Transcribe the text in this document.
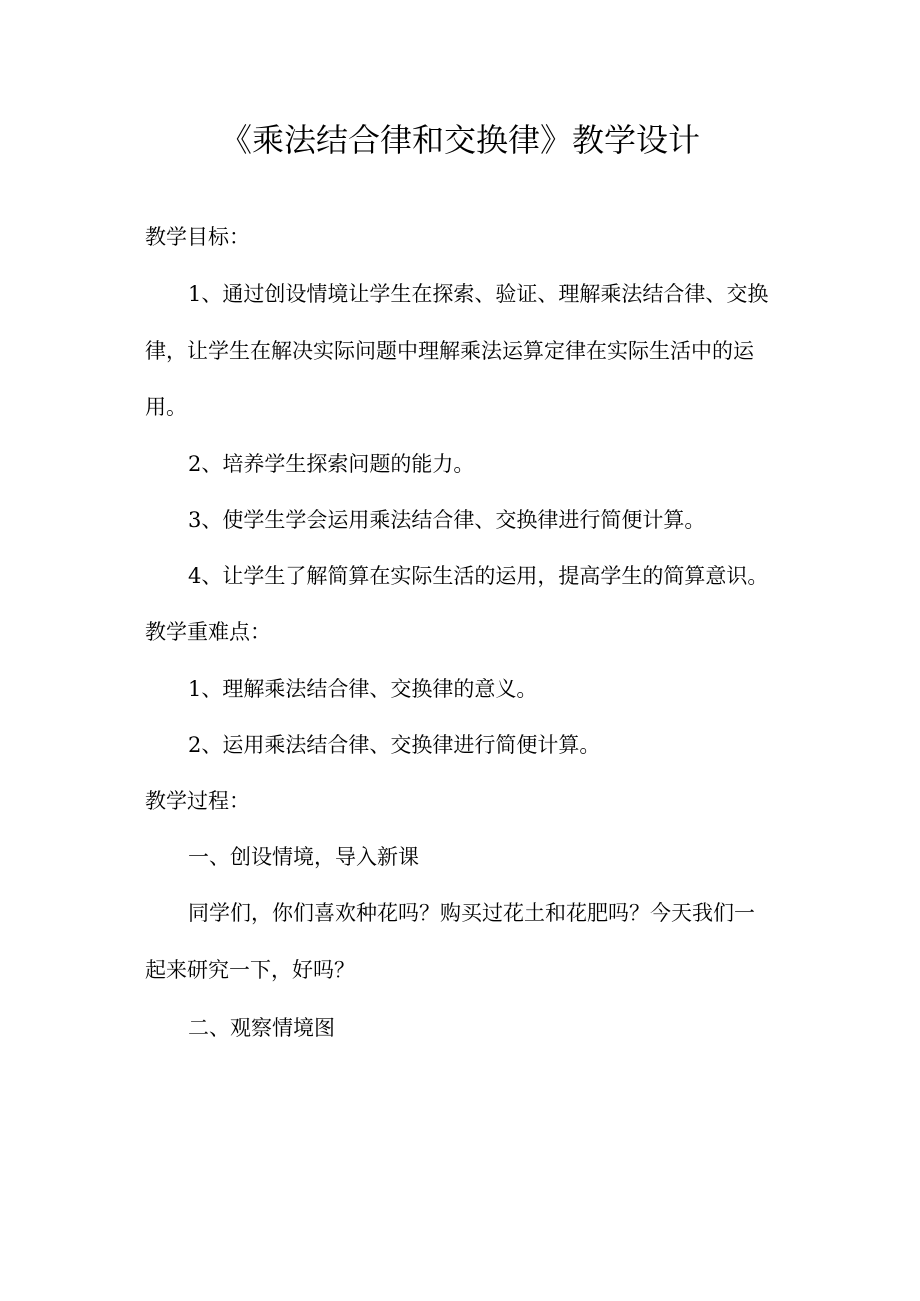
《乘法结合律和交换律》教学设计
教学目标：
1、通过创设情境让学生在探索、验证、理解乘法结合律、交换
律，让学生在解决实际问题中理解乘法运算定律在实际生活中的运
用。
2、培养学生探索问题的能力。
3、使学生学会运用乘法结合律、交换律进行简便计算。
4、让学生了解简算在实际生活的运用，提高学生的简算意识。
教学重难点：
1、理解乘法结合律、交换律的意义。
2、运用乘法结合律、交换律进行简便计算。
教学过程：
一、创设情境，导入新课
同学们，你们喜欢种花吗？购买过花土和花肥吗？今天我们一
起来研究一下，好吗？
二、观察情境图
